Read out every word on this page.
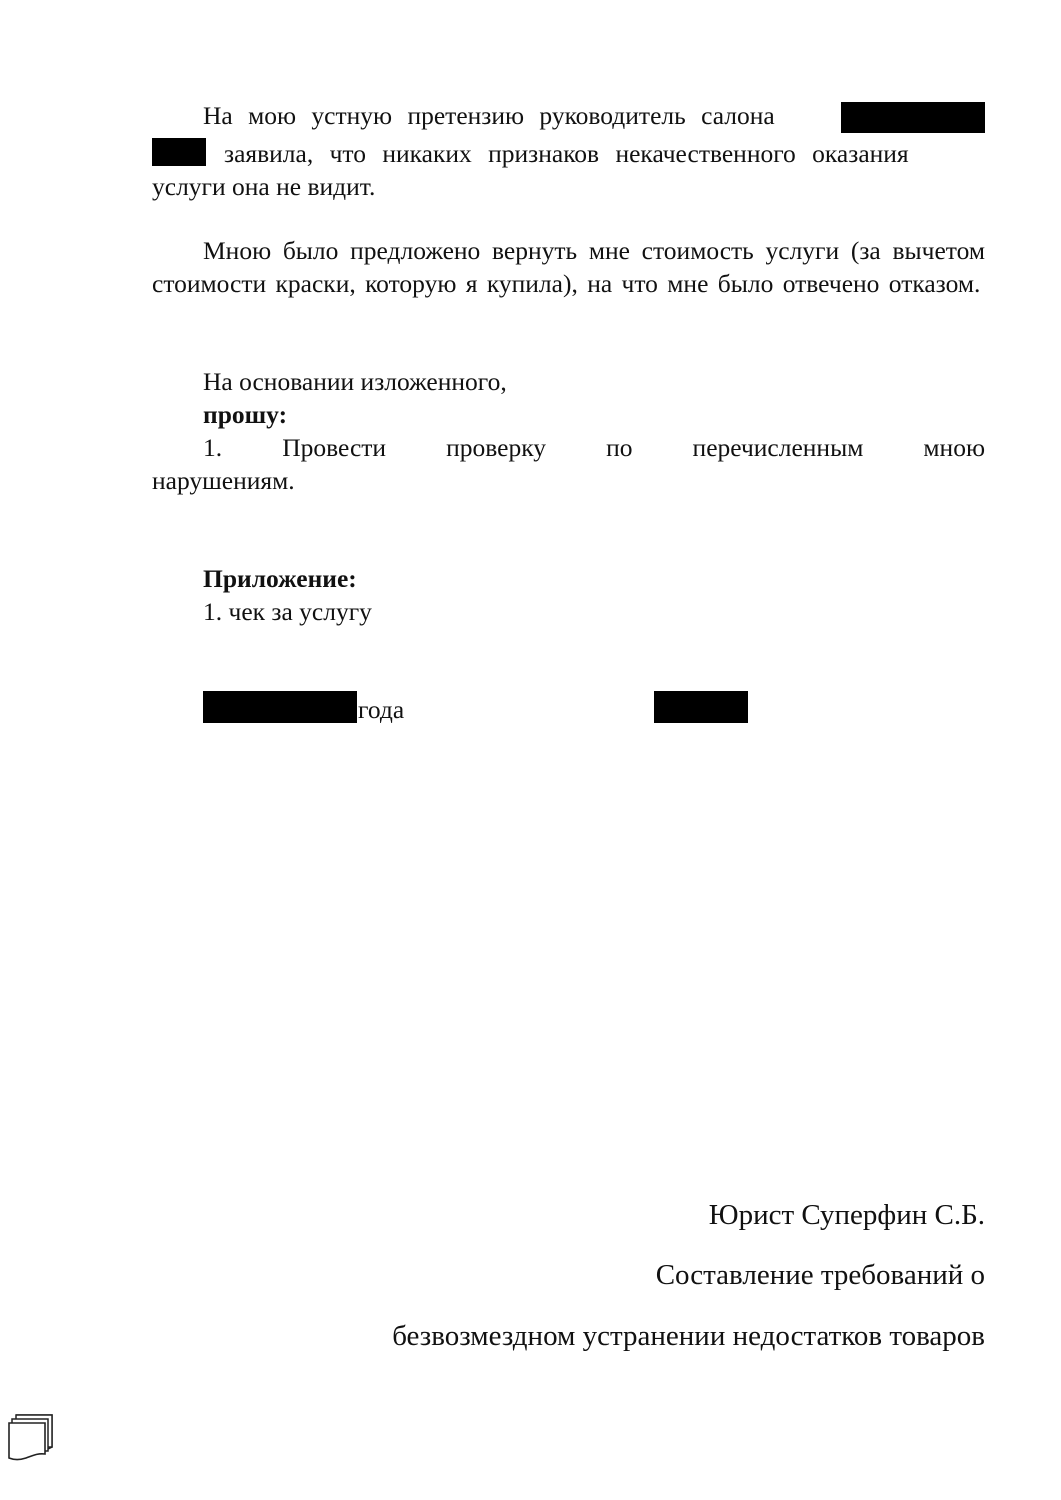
На мою устную претензию руководитель салона
заявила, что никаких признаков некачественного оказания
услуги она не видит.
Мною было предложено вернуть мне стоимость услуги (за вычетом стоимости краски, которую я купила), на что мне было отвечено отказом.
На основании изложенного,
прошу:
1. Провести проверку по перечисленным мною
нарушениям.
Приложение:
1. чек за услугу
года
Юрист Суперфин С.Б.
Составление требований о
безвозмездном устранении недостатков товаров
